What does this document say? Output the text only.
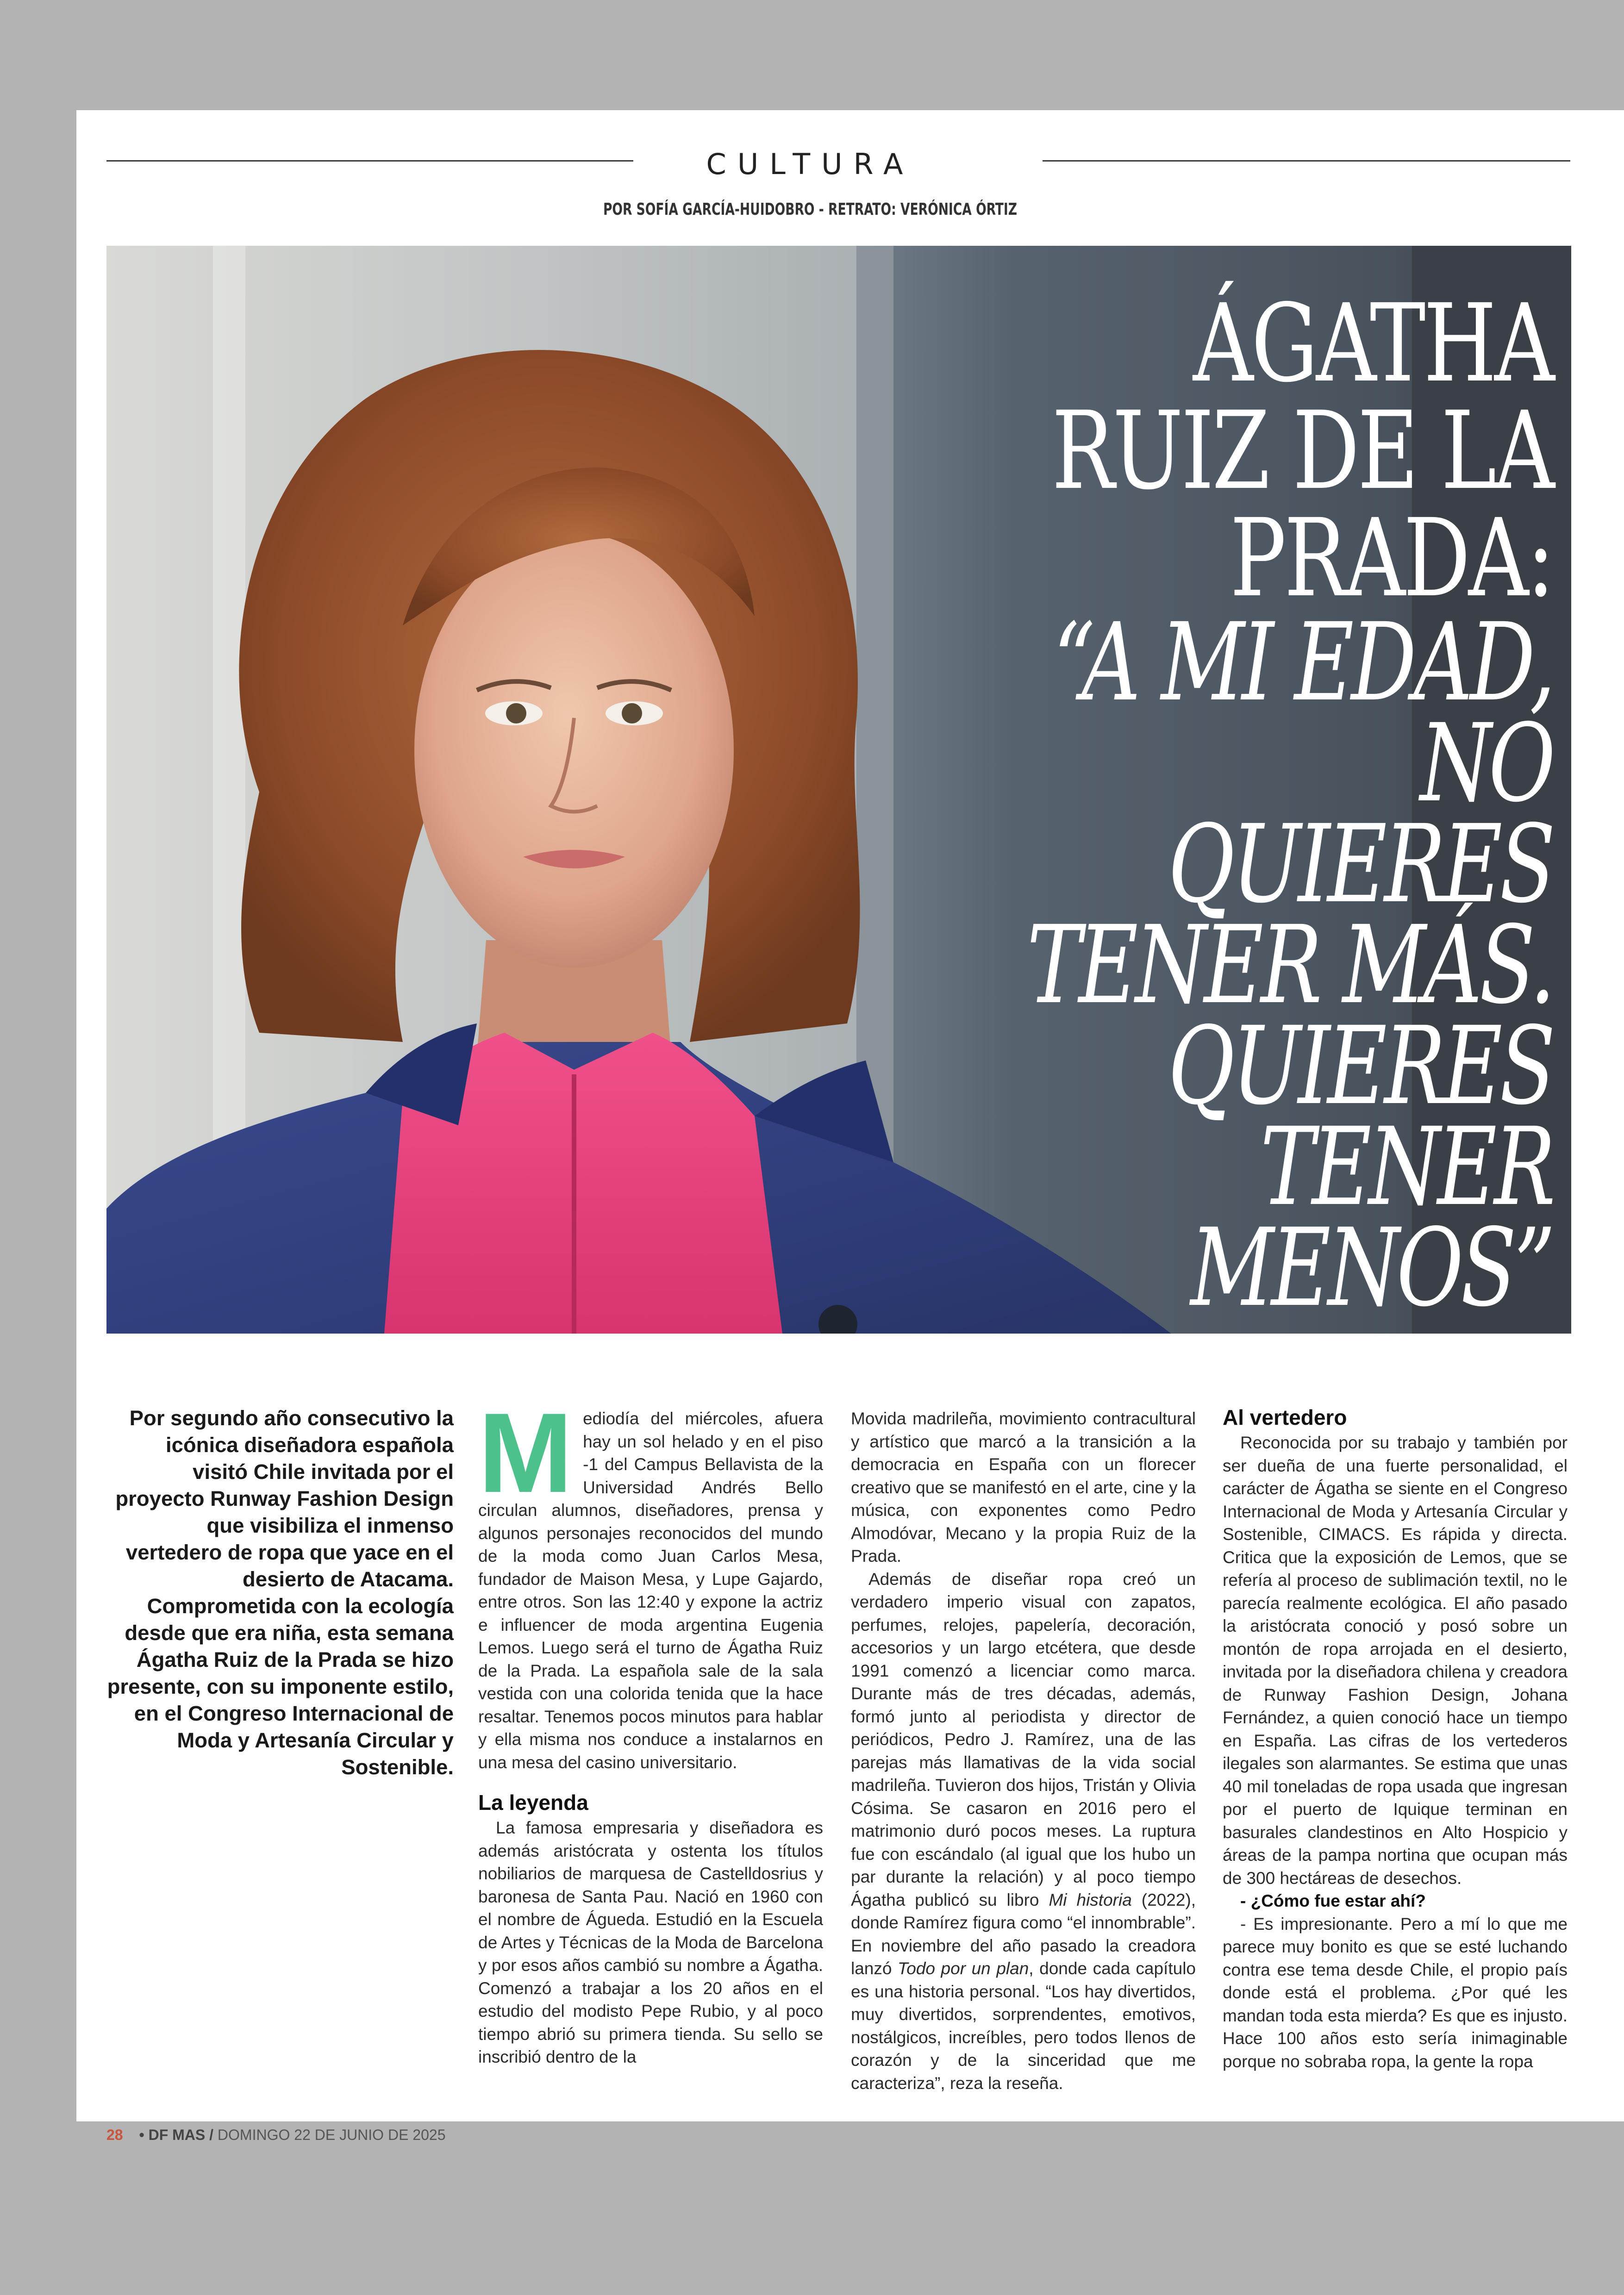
CULTURA
POR SOFÍA GARCÍA-HUIDOBRO - RETRATO: VERÓNICA ÓRTIZ
ÁGATHA
RUIZ DE LA
PRADA:
“A MI EDAD,
NO QUIERES
TENER MÁS.
QUIERES
TENER
MENOS”
Por segundo año consecutivo la icónica diseñadora española visitó Chile invitada por el proyecto Runway Fashion Design que visibiliza el inmenso vertedero de ropa que yace en el desierto de Atacama. Comprometida con la ecología desde que era niña, esta semana Ágatha Ruiz de la Prada se hizo presente, con su imponente estilo, en el Congreso Internacional de Moda y Artesanía Circular y Sostenible.
M ediodía del miércoles, afuera hay un sol helado y en el piso -1 del Campus Bellavista de la Universidad Andrés Bello circulan alumnos, diseñadores, prensa y algunos personajes reconocidos del mundo de la moda como Juan Carlos Mesa, fundador de Maison Mesa, y Lupe Gajardo, entre otros. Son las 12:40 y expone la actriz e influencer de moda argentina Eugenia Lemos. Luego será el turno de Ágatha Ruiz de la Prada. La española sale de la sala vestida con una colorida tenida que la hace resaltar. Tenemos pocos minutos para hablar y ella misma nos conduce a instalarnos en una mesa del casino universitario.

La leyenda

La famosa empresaria y diseñadora es además aristócrata y ostenta los títulos nobiliarios de marquesa de Castelldosrius y baronesa de Santa Pau. Nació en 1960 con el nombre de Águeda. Estudió en la Escuela de Artes y Técnicas de la Moda de Barcelona y por esos años cambió su nombre a Ágatha. Comenzó a trabajar a los 20 años en el estudio del modisto Pepe Rubio, y al poco tiempo abrió su primera tienda. Su sello se inscribió dentro de la

Movida madrileña, movimiento contracultural y artístico que marcó a la transición a la democracia en España con un florecer creativo que se manifestó en el arte, cine y la música, con exponentes como Pedro Almodóvar, Mecano y la propia Ruiz de la Prada.

Además de diseñar ropa creó un verdadero imperio visual con zapatos, perfumes, relojes, papelería, decoración, accesorios y un largo etcétera, que desde 1991 comenzó a licenciar como marca. Durante más de tres décadas, además, formó junto al periodista y director de periódicos, Pedro J. Ramírez, una de las parejas más llamativas de la vida social madrileña. Tuvieron dos hijos, Tristán y Olivia Cósima. Se casaron en 2016 pero el matrimonio duró pocos meses. La ruptura fue con escándalo (al igual que los hubo un par durante la relación) y al poco tiempo Ágatha publicó su libro Mi historia (2022), donde Ramírez figura como “el innombrable”. En noviembre del año pasado la creadora lanzó Todo por un plan, donde cada capítulo es una historia personal. “Los hay divertidos, muy divertidos, sorprendentes, emotivos, nostálgicos, increíbles, pero todos llenos de corazón y de la sinceridad que me caracteriza”, reza la reseña.

Al vertedero

Reconocida por su trabajo y también por ser dueña de una fuerte personalidad, el carácter de Ágatha se siente en el Congreso Internacional de Moda y Artesanía Circular y Sostenible, CIMACS. Es rápida y directa. Critica que la exposición de Lemos, que se refería al proceso de sublimación textil, no le parecía realmente ecológica. El año pasado la aristócrata conoció y posó sobre un montón de ropa arrojada en el desierto, invitada por la diseñadora chilena y creadora de Runway Fashion Design, Johana Fernández, a quien conoció hace un tiempo en España. Las cifras de los vertederos ilegales son alarmantes. Se estima que unas 40 mil toneladas de ropa usada que ingresan por el puerto de Iquique terminan en basurales clandestinos en Alto Hospicio y áreas de la pampa nortina que ocupan más de 300 hectáreas de desechos.

- ¿Cómo fue estar ahí?

- Es impresionante. Pero a mí lo que me parece muy bonito es que se esté luchando contra ese tema desde Chile, el propio país donde está el problema. ¿Por qué les mandan toda esta mierda? Es que es injusto. Hace 100 años esto sería inimaginable porque no sobraba ropa, la gente la ropa

28 • DF MAS / DOMINGO 22 DE JUNIO DE 2025
